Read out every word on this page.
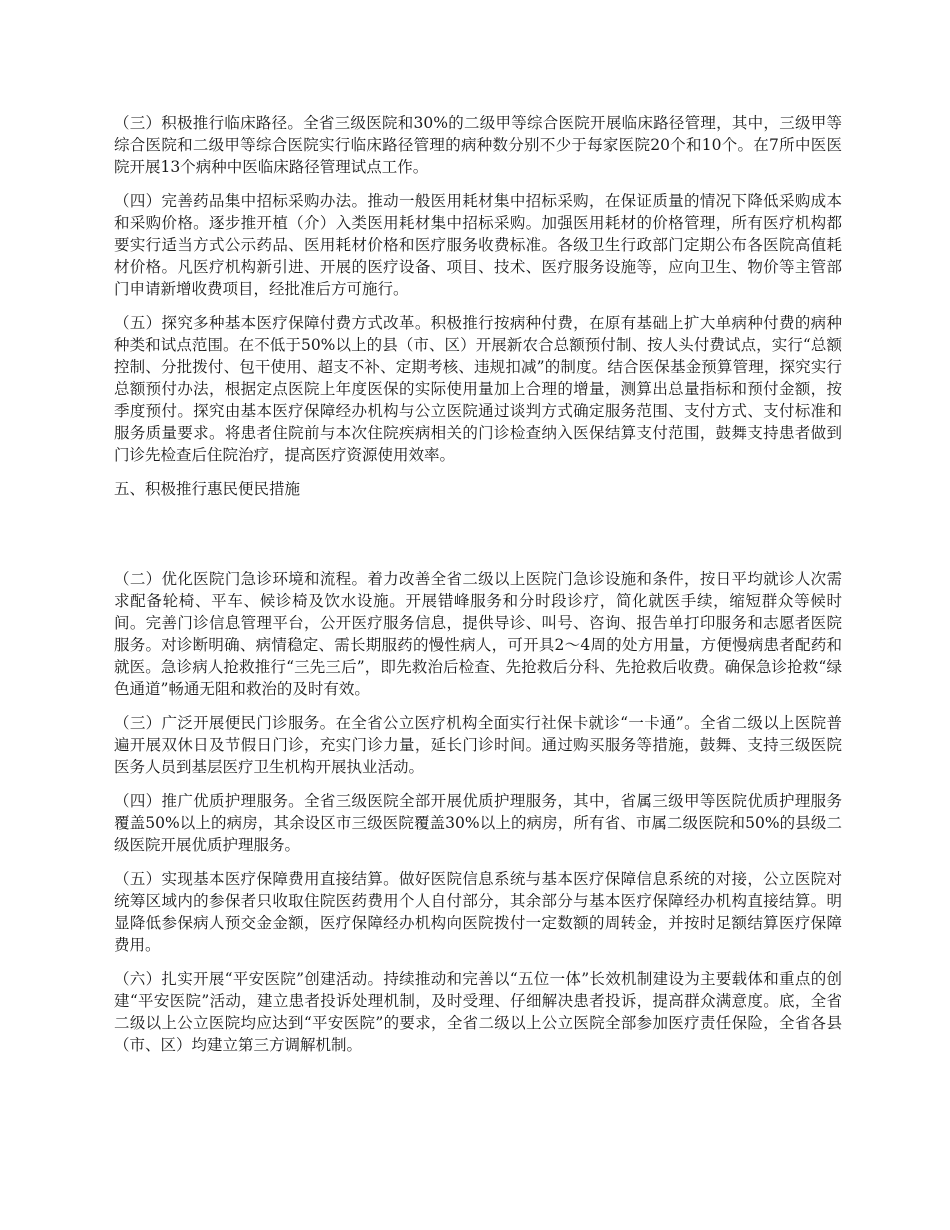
（三）积极推行临床路径。全省三级医院和30%的二级甲等综合医院开展临床路径管理，其中，三级甲等综合医院和二级甲等综合医院实行临床路径管理的病种数分别不少于每家医院20个和10个。在7所中医医院开展13个病种中医临床路径管理试点工作。

（四）完善药品集中招标采购办法。推动一般医用耗材集中招标采购，在保证质量的情况下降低采购成本和采购价格。逐步推开植（介）入类医用耗材集中招标采购。加强医用耗材的价格管理，所有医疗机构都要实行适当方式公示药品、医用耗材价格和医疗服务收费标准。各级卫生行政部门定期公布各医院高值耗材价格。凡医疗机构新引进、开展的医疗设备、项目、技术、医疗服务设施等，应向卫生、物价等主管部门申请新增收费项目，经批准后方可施行。

（五）探究多种基本医疗保障付费方式改革。积极推行按病种付费，在原有基础上扩大单病种付费的病种种类和试点范围。在不低于50%以上的县（市、区）开展新农合总额预付制、按人头付费试点，实行“总额控制、分批拨付、包干使用、超支不补、定期考核、违规扣减”的制度。结合医保基金预算管理，探究实行总额预付办法，根据定点医院上年度医保的实际使用量加上合理的增量，测算出总量指标和预付金额，按季度预付。探究由基本医疗保障经办机构与公立医院通过谈判方式确定服务范围、支付方式、支付标准和服务质量要求。将患者住院前与本次住院疾病相关的门诊检查纳入医保结算支付范围，鼓舞支持患者做到门诊先检查后住院治疗，提高医疗资源使用效率。

五、积极推行惠民便民措施

（二）优化医院门急诊环境和流程。着力改善全省二级以上医院门急诊设施和条件，按日平均就诊人次需求配备轮椅、平车、候诊椅及饮水设施。开展错峰服务和分时段诊疗，简化就医手续，缩短群众等候时间。完善门诊信息管理平台，公开医疗服务信息，提供导诊、叫号、咨询、报告单打印服务和志愿者医院服务。对诊断明确、病情稳定、需长期服药的慢性病人，可开具2～4周的处方用量，方便慢病患者配药和就医。急诊病人抢救推行“三先三后”，即先救治后检查、先抢救后分科、先抢救后收费。确保急诊抢救“绿色通道”畅通无阻和救治的及时有效。

（三）广泛开展便民门诊服务。在全省公立医疗机构全面实行社保卡就诊“一卡通”。全省二级以上医院普遍开展双休日及节假日门诊，充实门诊力量，延长门诊时间。通过购买服务等措施，鼓舞、支持三级医院医务人员到基层医疗卫生机构开展执业活动。

（四）推广优质护理服务。全省三级医院全部开展优质护理服务，其中，省属三级甲等医院优质护理服务覆盖50%以上的病房，其余设区市三级医院覆盖30%以上的病房，所有省、市属二级医院和50%的县级二级医院开展优质护理服务。

（五）实现基本医疗保障费用直接结算。做好医院信息系统与基本医疗保障信息系统的对接，公立医院对统筹区域内的参保者只收取住院医药费用个人自付部分，其余部分与基本医疗保障经办机构直接结算。明显降低参保病人预交金金额，医疗保障经办机构向医院拨付一定数额的周转金，并按时足额结算医疗保障费用。

（六）扎实开展“平安医院”创建活动。持续推动和完善以“五位一体”长效机制建设为主要载体和重点的创建“平安医院”活动，建立患者投诉处理机制，及时受理、仔细解决患者投诉，提高群众满意度。底，全省二级以上公立医院均应达到“平安医院”的要求，全省二级以上公立医院全部参加医疗责任保险，全省各县（市、区）均建立第三方调解机制。
